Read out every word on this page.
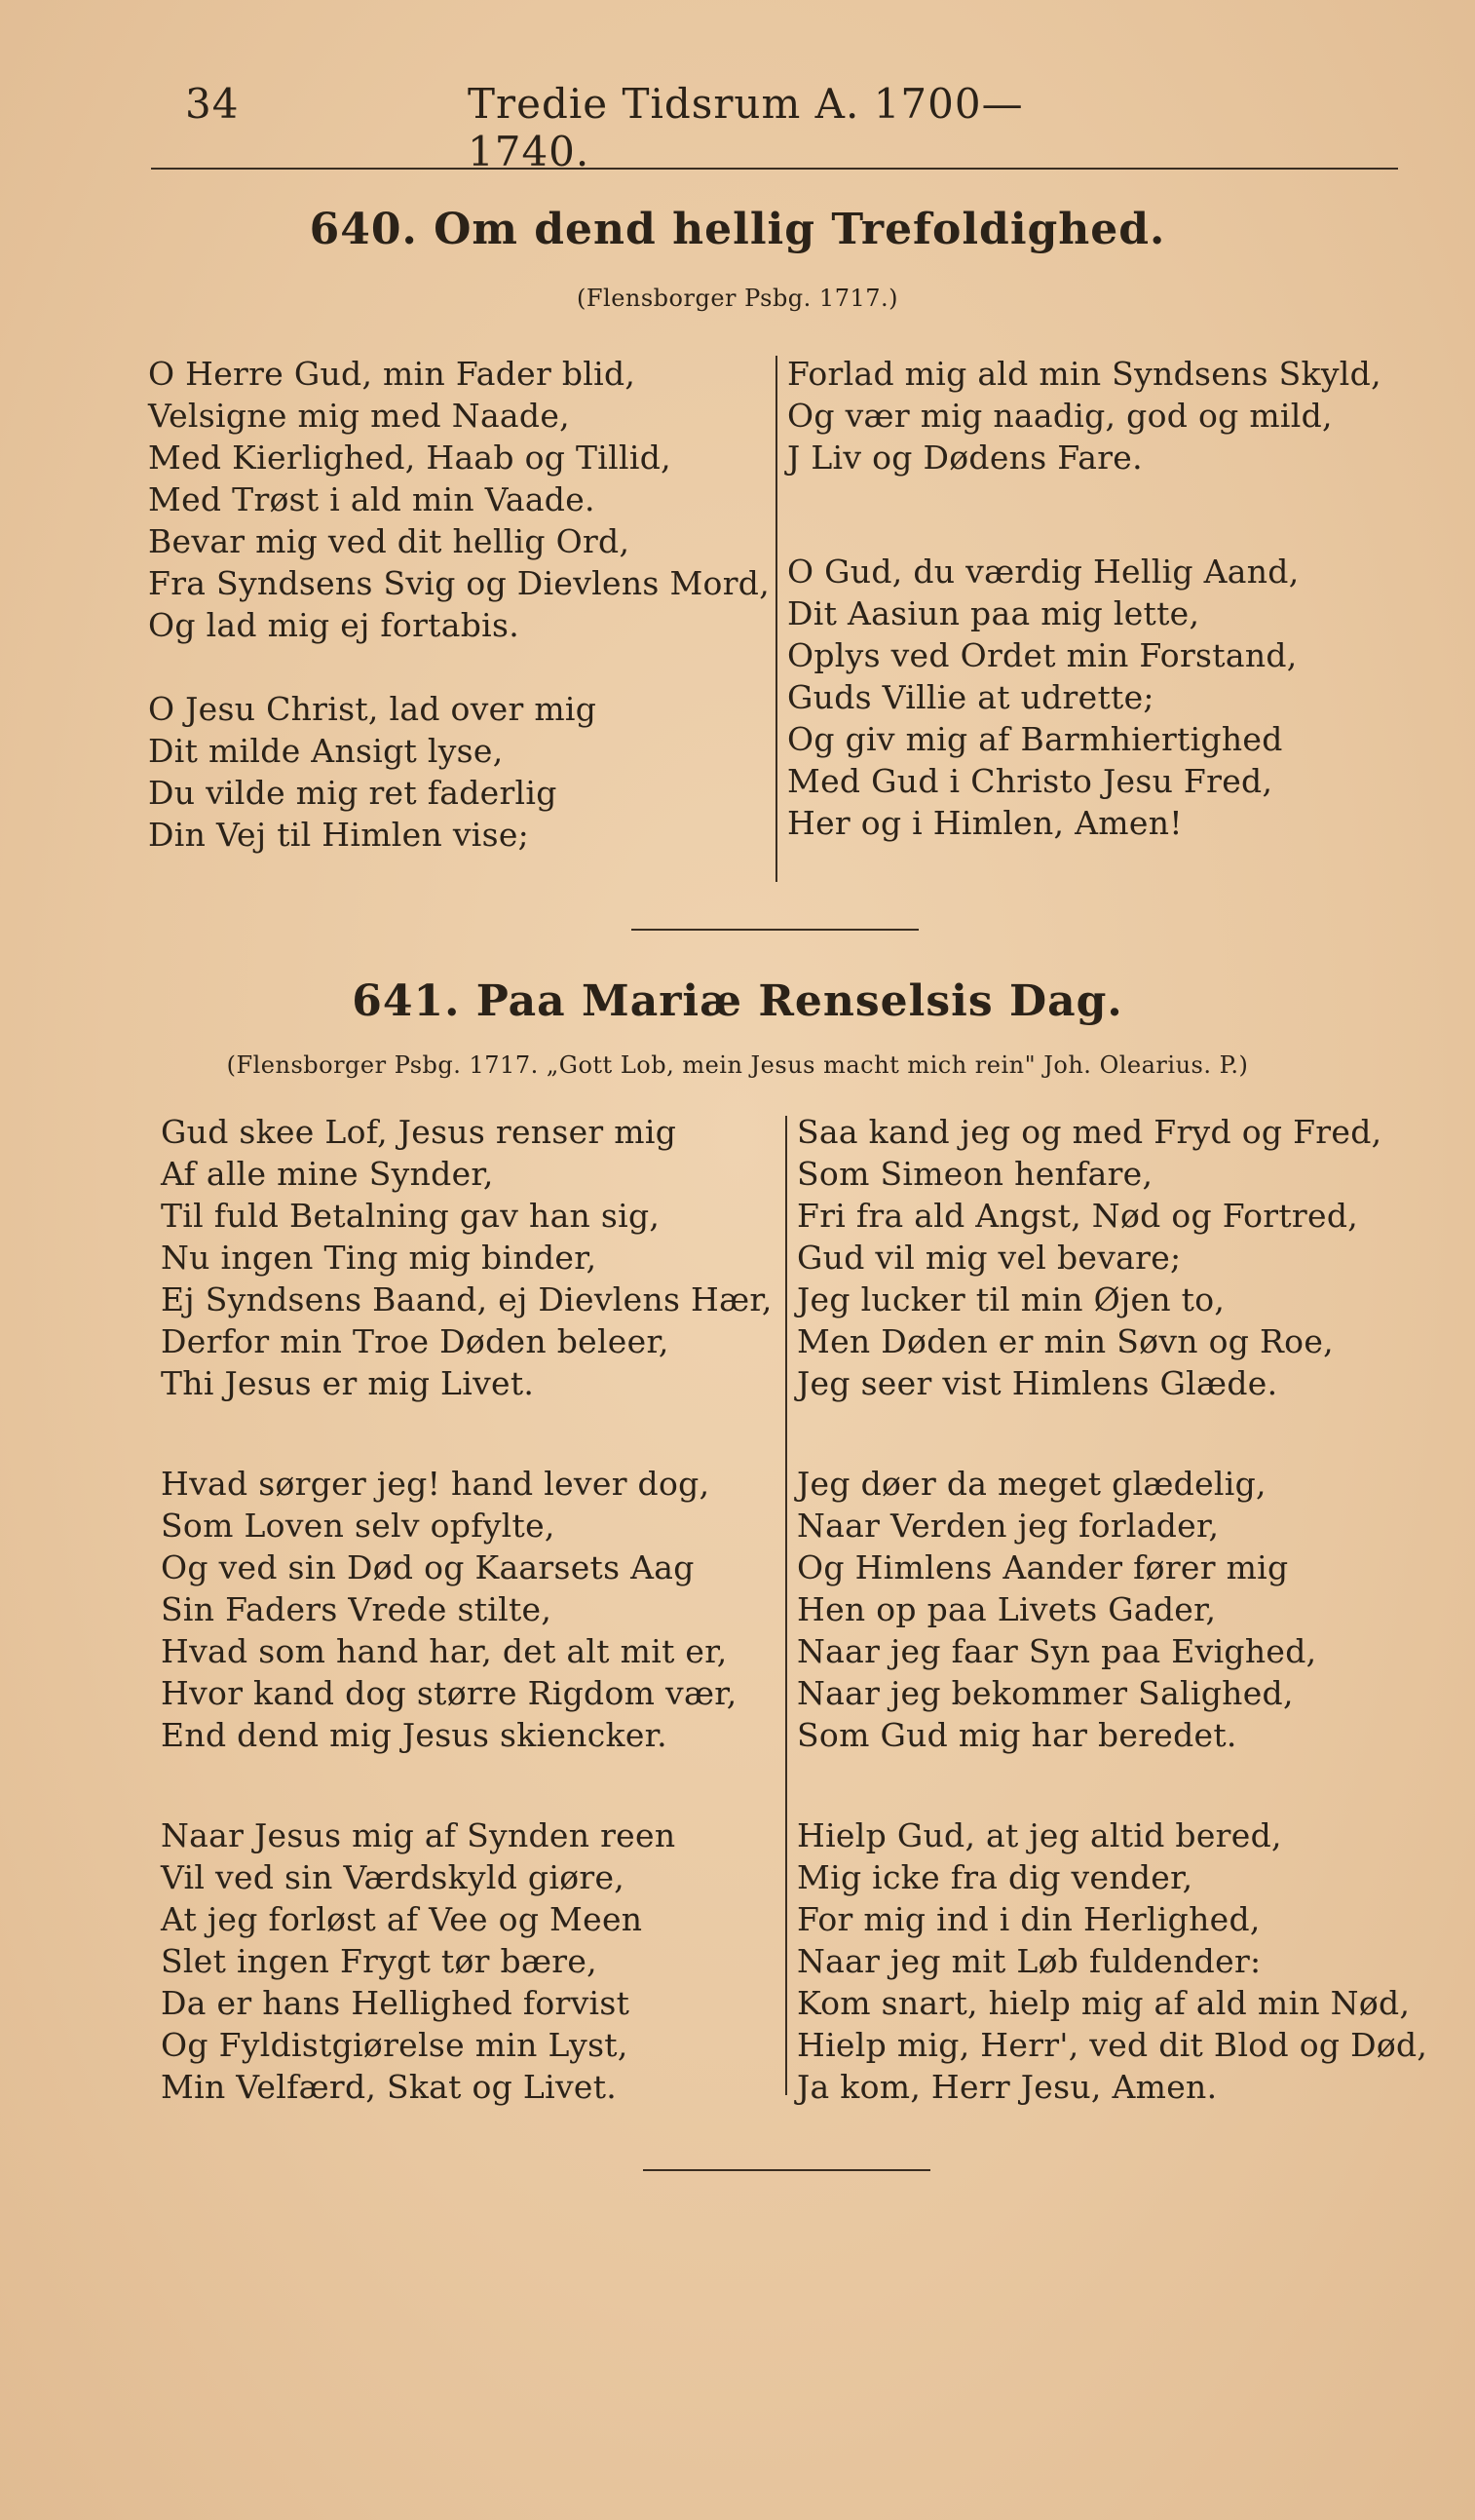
34	Tredie Tidsrum A. 1700—1740.
640. Om dend hellig Trefoldighed.
(Flensborger Psbg. 1717.)
O Herre Gud, min Fader blid,
Velsigne mig med Naade,
Med Kierlighed, Haab og Tillid,
Med Trøst i ald min Vaade.
Bevar mig ved dit hellig Ord,
Fra Syndsens Svig og Dievlens Mord,
Og lad mig ej fortabis.
O Jesu Christ, lad over mig
Dit milde Ansigt lyse,
Du vilde mig ret faderlig
Din Vej til Himlen vise;
Forlad mig ald min Syndsens Skyld,
Og vær mig naadig, god og mild,
J Liv og Dødens Fare.
O Gud, du værdig Hellig Aand,
Dit Aasiun paa mig lette,
Oplys ved Ordet min Forstand,
Guds Villie at udrette;
Og giv mig af Barmhiertighed
Med Gud i Christo Jesu Fred,
Her og i Himlen, Amen!
641. Paa Mariæ Renselsis Dag.
(Flensborger Psbg. 1717. „Gott Lob, mein Jesus macht mich rein" Joh. Olearius. P.)
Gud skee Lof, Jesus renser mig
Af alle mine Synder,
Til fuld Betalning gav han sig,
Nu ingen Ting mig binder,
Ej Syndsens Baand, ej Dievlens Hær,
Derfor min Troe Døden beleer,
Thi Jesus er mig Livet.
Hvad sørger jeg! hand lever dog,
Som Loven selv opfylte,
Og ved sin Død og Kaarsets Aag
Sin Faders Vrede stilte,
Hvad som hand har, det alt mit er,
Hvor kand dog større Rigdom vær,
End dend mig Jesus skiencker.
Naar Jesus mig af Synden reen
Vil ved sin Værdskyld giøre,
At jeg forløst af Vee og Meen
Slet ingen Frygt tør bære,
Da er hans Hellighed forvist
Og Fyldistgiørelse min Lyst,
Min Velfærd, Skat og Livet.
Saa kand jeg og med Fryd og Fred,
Som Simeon henfare,
Fri fra ald Angst, Nød og Fortred,
Gud vil mig vel bevare;
Jeg lucker til min Øjen to,
Men Døden er min Søvn og Roe,
Jeg seer vist Himlens Glæde.
Jeg døer da meget glædelig,
Naar Verden jeg forlader,
Og Himlens Aander fører mig
Hen op paa Livets Gader,
Naar jeg faar Syn paa Evighed,
Naar jeg bekommer Salighed,
Som Gud mig har beredet.
Hielp Gud, at jeg altid bered,
Mig icke fra dig vender,
For mig ind i din Herlighed,
Naar jeg mit Løb fuldender:
Kom snart, hielp mig af ald min Nød,
Hielp mig, Herr', ved dit Blod og Død,
Ja kom, Herr Jesu, Amen.
